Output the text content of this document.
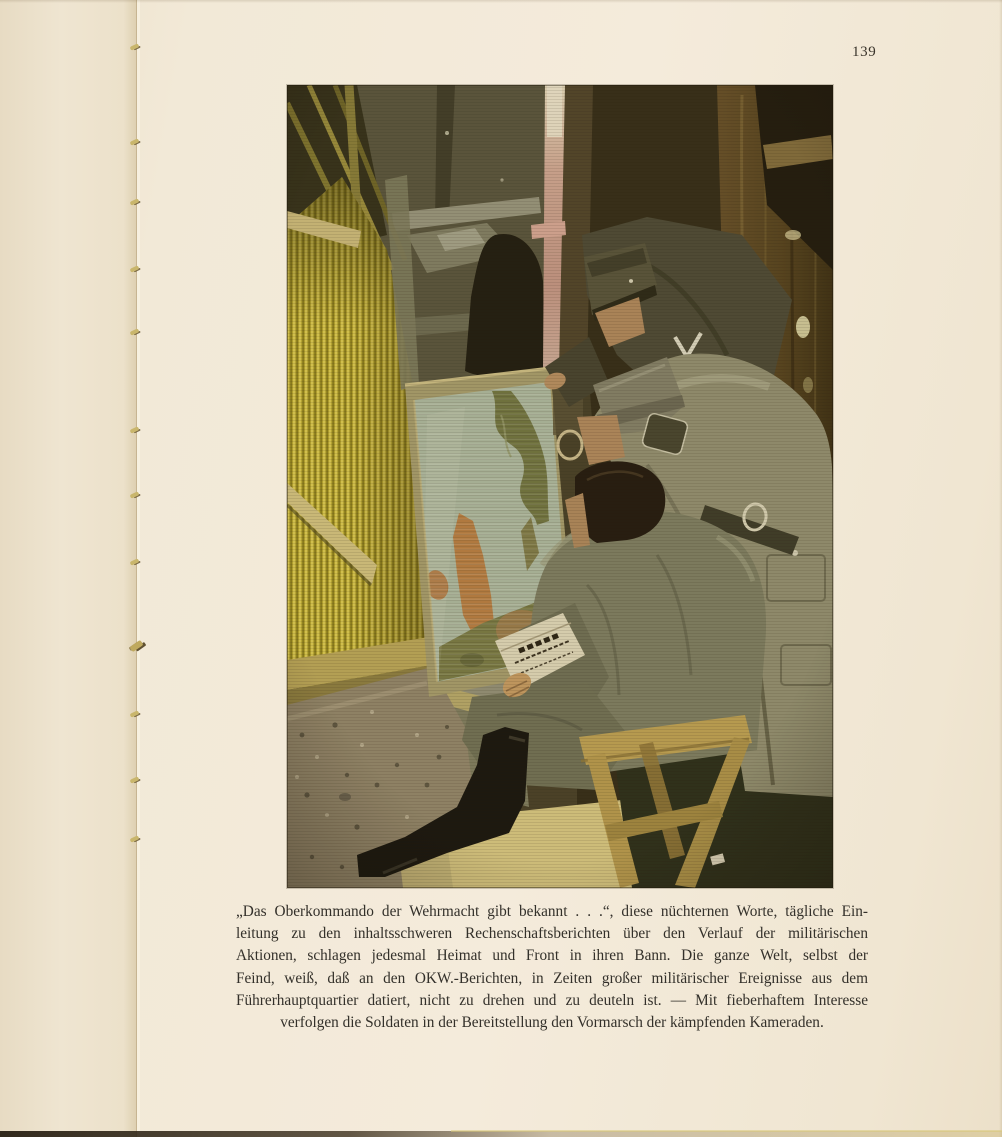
139
„Das Oberkommando der Wehrmacht gibt bekannt . . .“, diese nüchternen Worte, tägliche Ein-
leitung zu den inhaltsschweren Rechenschaftsberichten über den Verlauf der militärischen
Aktionen, schlagen jedesmal Heimat und Front in ihren Bann. Die ganze Welt, selbst der
Feind, weiß, daß an den OKW.-Berichten, in Zeiten großer militärischer Ereignisse aus dem
Führerhauptquartier datiert, nicht zu drehen und zu deuteln ist. — Mit fieberhaftem Interesse
verfolgen die Soldaten in der Bereitstellung den Vormarsch der kämpfenden Kameraden.
